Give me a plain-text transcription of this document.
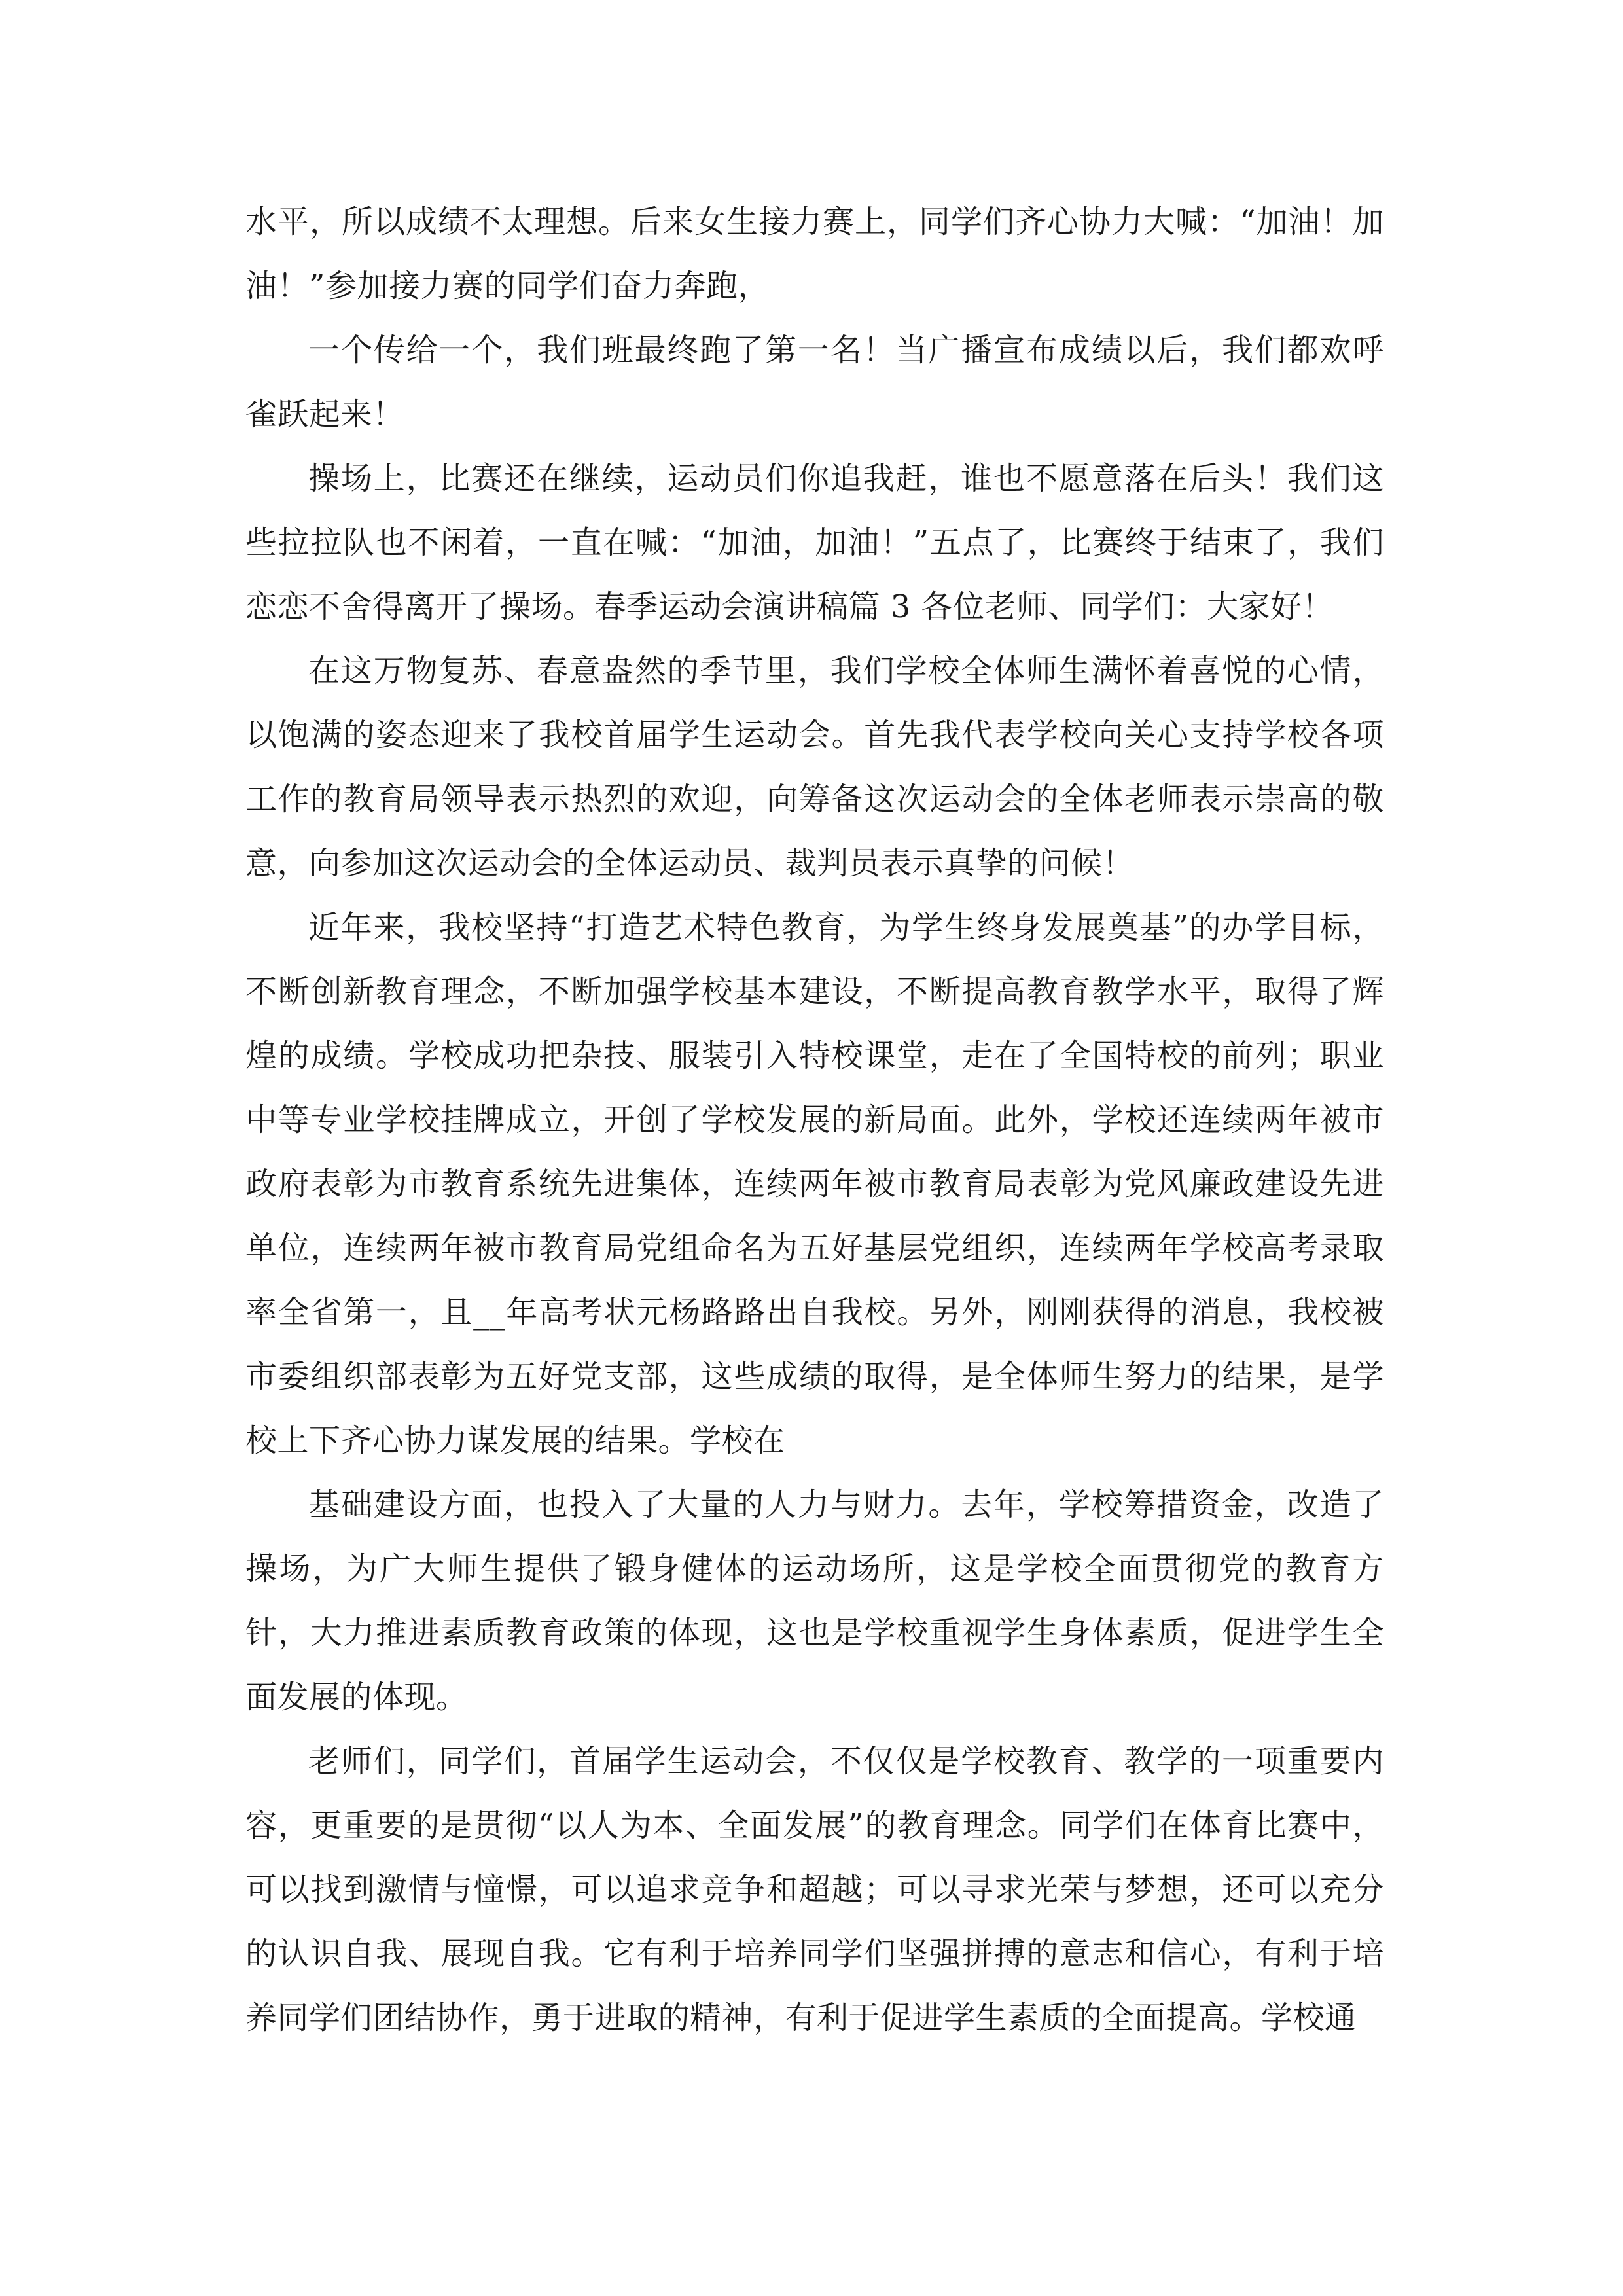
水平，所以成绩不太理想。后来女生接力赛上，同学们齐心协力大喊：“加油！加油！”参加接力赛的同学们奋力奔跑，

一个传给一个，我们班最终跑了第一名！当广播宣布成绩以后，我们都欢呼雀跃起来！

操场上，比赛还在继续，运动员们你追我赶，谁也不愿意落在后头！我们这些拉拉队也不闲着，一直在喊：“加油，加油！”五点了，比赛终于结束了，我们恋恋不舍得离开了操场。春季运动会演讲稿篇 3 各位老师、同学们：大家好！

在这万物复苏、春意盎然的季节里，我们学校全体师生满怀着喜悦的心情，以饱满的姿态迎来了我校首届学生运动会。首先我代表学校向关心支持学校各项工作的教育局领导表示热烈的欢迎，向筹备这次运动会的全体老师表示崇高的敬意，向参加这次运动会的全体运动员、裁判员表示真挚的问候！

近年来，我校坚持“打造艺术特色教育，为学生终身发展奠基”的办学目标，不断创新教育理念，不断加强学校基本建设，不断提高教育教学水平，取得了辉煌的成绩。学校成功把杂技、服装引入特校课堂，走在了全国特校的前列；职业中等专业学校挂牌成立，开创了学校发展的新局面。此外，学校还连续两年被市政府表彰为市教育系统先进集体，连续两年被市教育局表彰为党风廉政建设先进单位，连续两年被市教育局党组命名为五好基层党组织，连续两年学校高考录取率全省第一，且__年高考状元杨路路出自我校。另外，刚刚获得的消息，我校被市委组织部表彰为五好党支部，这些成绩的取得，是全体师生努力的结果，是学校上下齐心协力谋发展的结果。学校在

基础建设方面，也投入了大量的人力与财力。去年，学校筹措资金，改造了操场，为广大师生提供了锻身健体的运动场所，这是学校全面贯彻党的教育方针，大力推进素质教育政策的体现，这也是学校重视学生身体素质，促进学生全面发展的体现。

老师们，同学们，首届学生运动会，不仅仅是学校教育、教学的一项重要内容，更重要的是贯彻“以人为本、全面发展”的教育理念。同学们在体育比赛中，可以找到激情与憧憬，可以追求竞争和超越；可以寻求光荣与梦想，还可以充分的认识自我、展现自我。它有利于培养同学们坚强拼搏的意志和信心，有利于培养同学们团结协作，勇于进取的精神，有利于促进学生素质的全面提高。学校通
